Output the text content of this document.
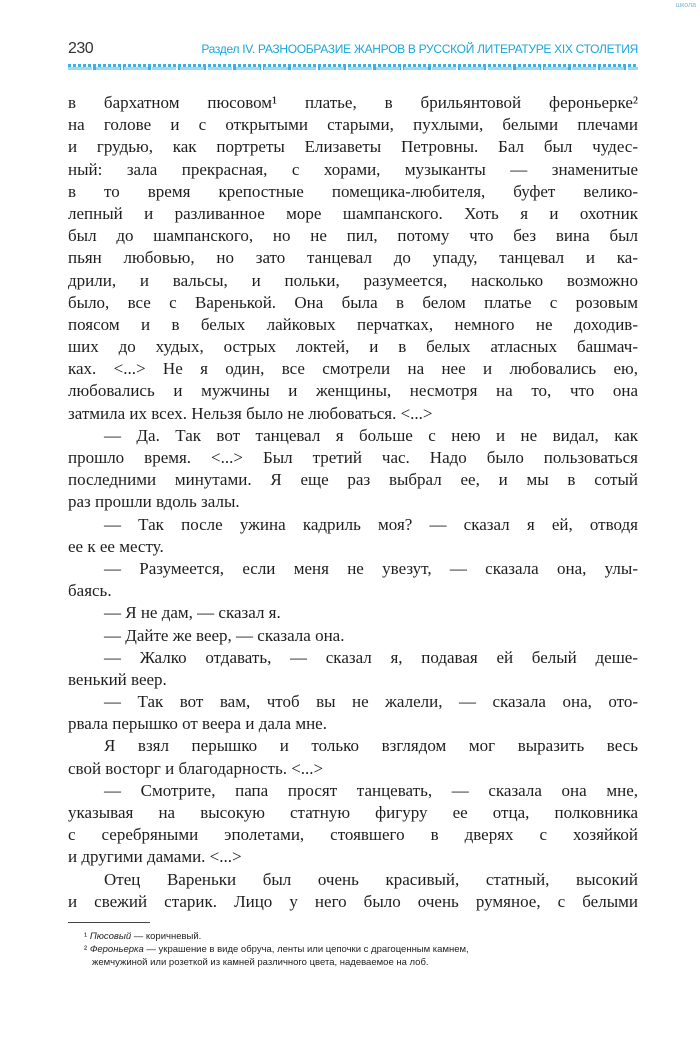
школа
230	Раздел IV. РАЗНООБРАЗИЕ ЖАНРОВ В РУССКОЙ ЛИТЕРАТУРЕ XIX СТОЛЕТИЯ
в бархатном пюсовом¹ платье, в брильянтовой фероньерке²
на голове и с открытыми старыми, пухлыми, белыми плечами
и грудью, как портреты Елизаветы Петровны. Бал был чудес-
ный: зала прекрасная, с хорами, музыканты — знаменитые
в то время крепостные помещика-любителя, буфет велико-
лепный и разливанное море шампанского. Хоть я и охотник
был до шампанского, но не пил, потому что без вина был
пьян любовью, но зато танцевал до упаду, танцевал и ка-
дрили, и вальсы, и польки, разумеется, насколько возможно
было, все с Варенькой. Она была в белом платье с розовым
поясом и в белых лайковых перчатках, немного не доходив-
ших до худых, острых локтей, и в белых атласных башмач-
ках. <...> Не я один, все смотрели на нее и любовались ею,
любовались и мужчины и женщины, несмотря на то, что она
затмила их всех. Нельзя было не любоваться. <...>
— Да. Так вот танцевал я больше с нею и не видал, как
прошло время. <...> Был третий час. Надо было пользоваться
последними минутами. Я еще раз выбрал ее, и мы в сотый
раз прошли вдоль залы.
— Так после ужина кадриль моя? — сказал я ей, отводя
ее к ее месту.
— Разумеется, если меня не увезут, — сказала она, улы-
баясь.
— Я не дам, — сказал я.
— Дайте же веер, — сказала она.
— Жалко отдавать, — сказал я, подавая ей белый деше-
венький веер.
— Так вот вам, чтоб вы не жалели, — сказала она, ото-
рвала перышко от веера и дала мне.
Я взял перышко и только взглядом мог выразить весь
свой восторг и благодарность. <...>
— Смотрите, папа просят танцевать, — сказала она мне,
указывая на высокую статную фигуру ее отца, полковника
с серебряными эполетами, стоявшего в дверях с хозяйкой
и другими дамами. <...>
Отец Вареньки был очень красивый, статный, высокий
и свежий старик. Лицо у него было очень румяное, с белыми
¹ Пюсовый — коричневый.
² Фероньерка — украшение в виде обруча, ленты или цепочки с драгоценным камнем,
жемчужиной или розеткой из камней различного цвета, надеваемое на лоб.
